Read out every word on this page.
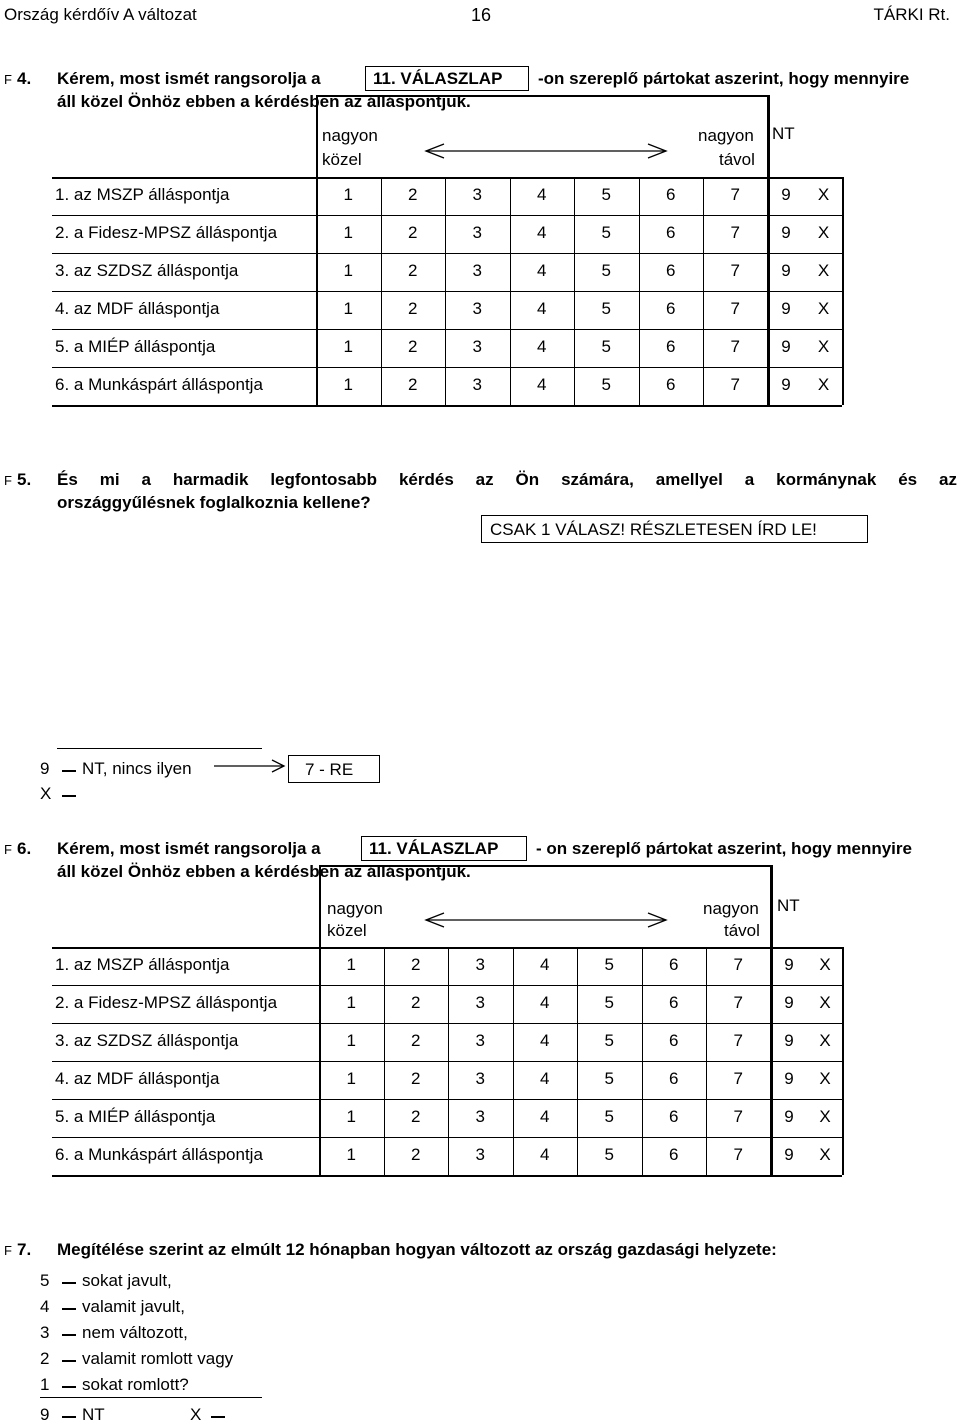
Ország kérdőív A változat	16	TÁRKI Rt.
F 4. Kérem, most ismét rangsorolja a	11. VÁLASZLAP -on szereplő pártokat aszerint, hogy mennyire
áll közel Önhöz ebben a kérdésben az álláspontjuk.
nagyon
közel
nagyon
távol
NT
1. az MSZP álláspontja	1	2	3	4	5	6	7	9	X
2. a Fidesz-MPSZ álláspontja	1	2	3	4	5	6	7	9	X
3. az SZDSZ álláspontja	1	2	3	4	5	6	7	9	X
4. az MDF álláspontja	1	2	3	4	5	6	7	9	X
5. a MIÉP álláspontja	1	2	3	4	5	6	7	9	X
6. a Munkáspárt álláspontja	1	2	3	4	5	6	7	9	X
F 5. És mi a harmadik legfontosabb kérdés az Ön számára, amellyel a kormánynak és az
országgyűlésnek foglalkoznia kellene?
CSAK 1 VÁLASZ! RÉSZLETESEN ÍRD LE!
9 NT, nincs ilyen
X
7 - RE
F 6. Kérem, most ismét rangsorolja a	11. VÁLASZLAP - on szereplő pártokat aszerint, hogy mennyire
áll közel Önhöz ebben a kérdésben az álláspontjuk.
nagyon
közel
nagyon
távol
NT
1. az MSZP álláspontja	1	2	3	4	5	6	7	9	X
2. a Fidesz-MPSZ álláspontja	1	2	3	4	5	6	7	9	X
3. az SZDSZ álláspontja	1	2	3	4	5	6	7	9	X
4. az MDF álláspontja	1	2	3	4	5	6	7	9	X
5. a MIÉP álláspontja	1	2	3	4	5	6	7	9	X
6. a Munkáspárt álláspontja	1	2	3	4	5	6	7	9	X
F 7. Megítélése szerint az elmúlt 12 hónapban hogyan változott az ország gazdasági helyzete:
5 sokat javult,
4 valamit javult,
3 nem változott,
2 valamit romlott vagy
1 sokat romlott?
9 NT	X
